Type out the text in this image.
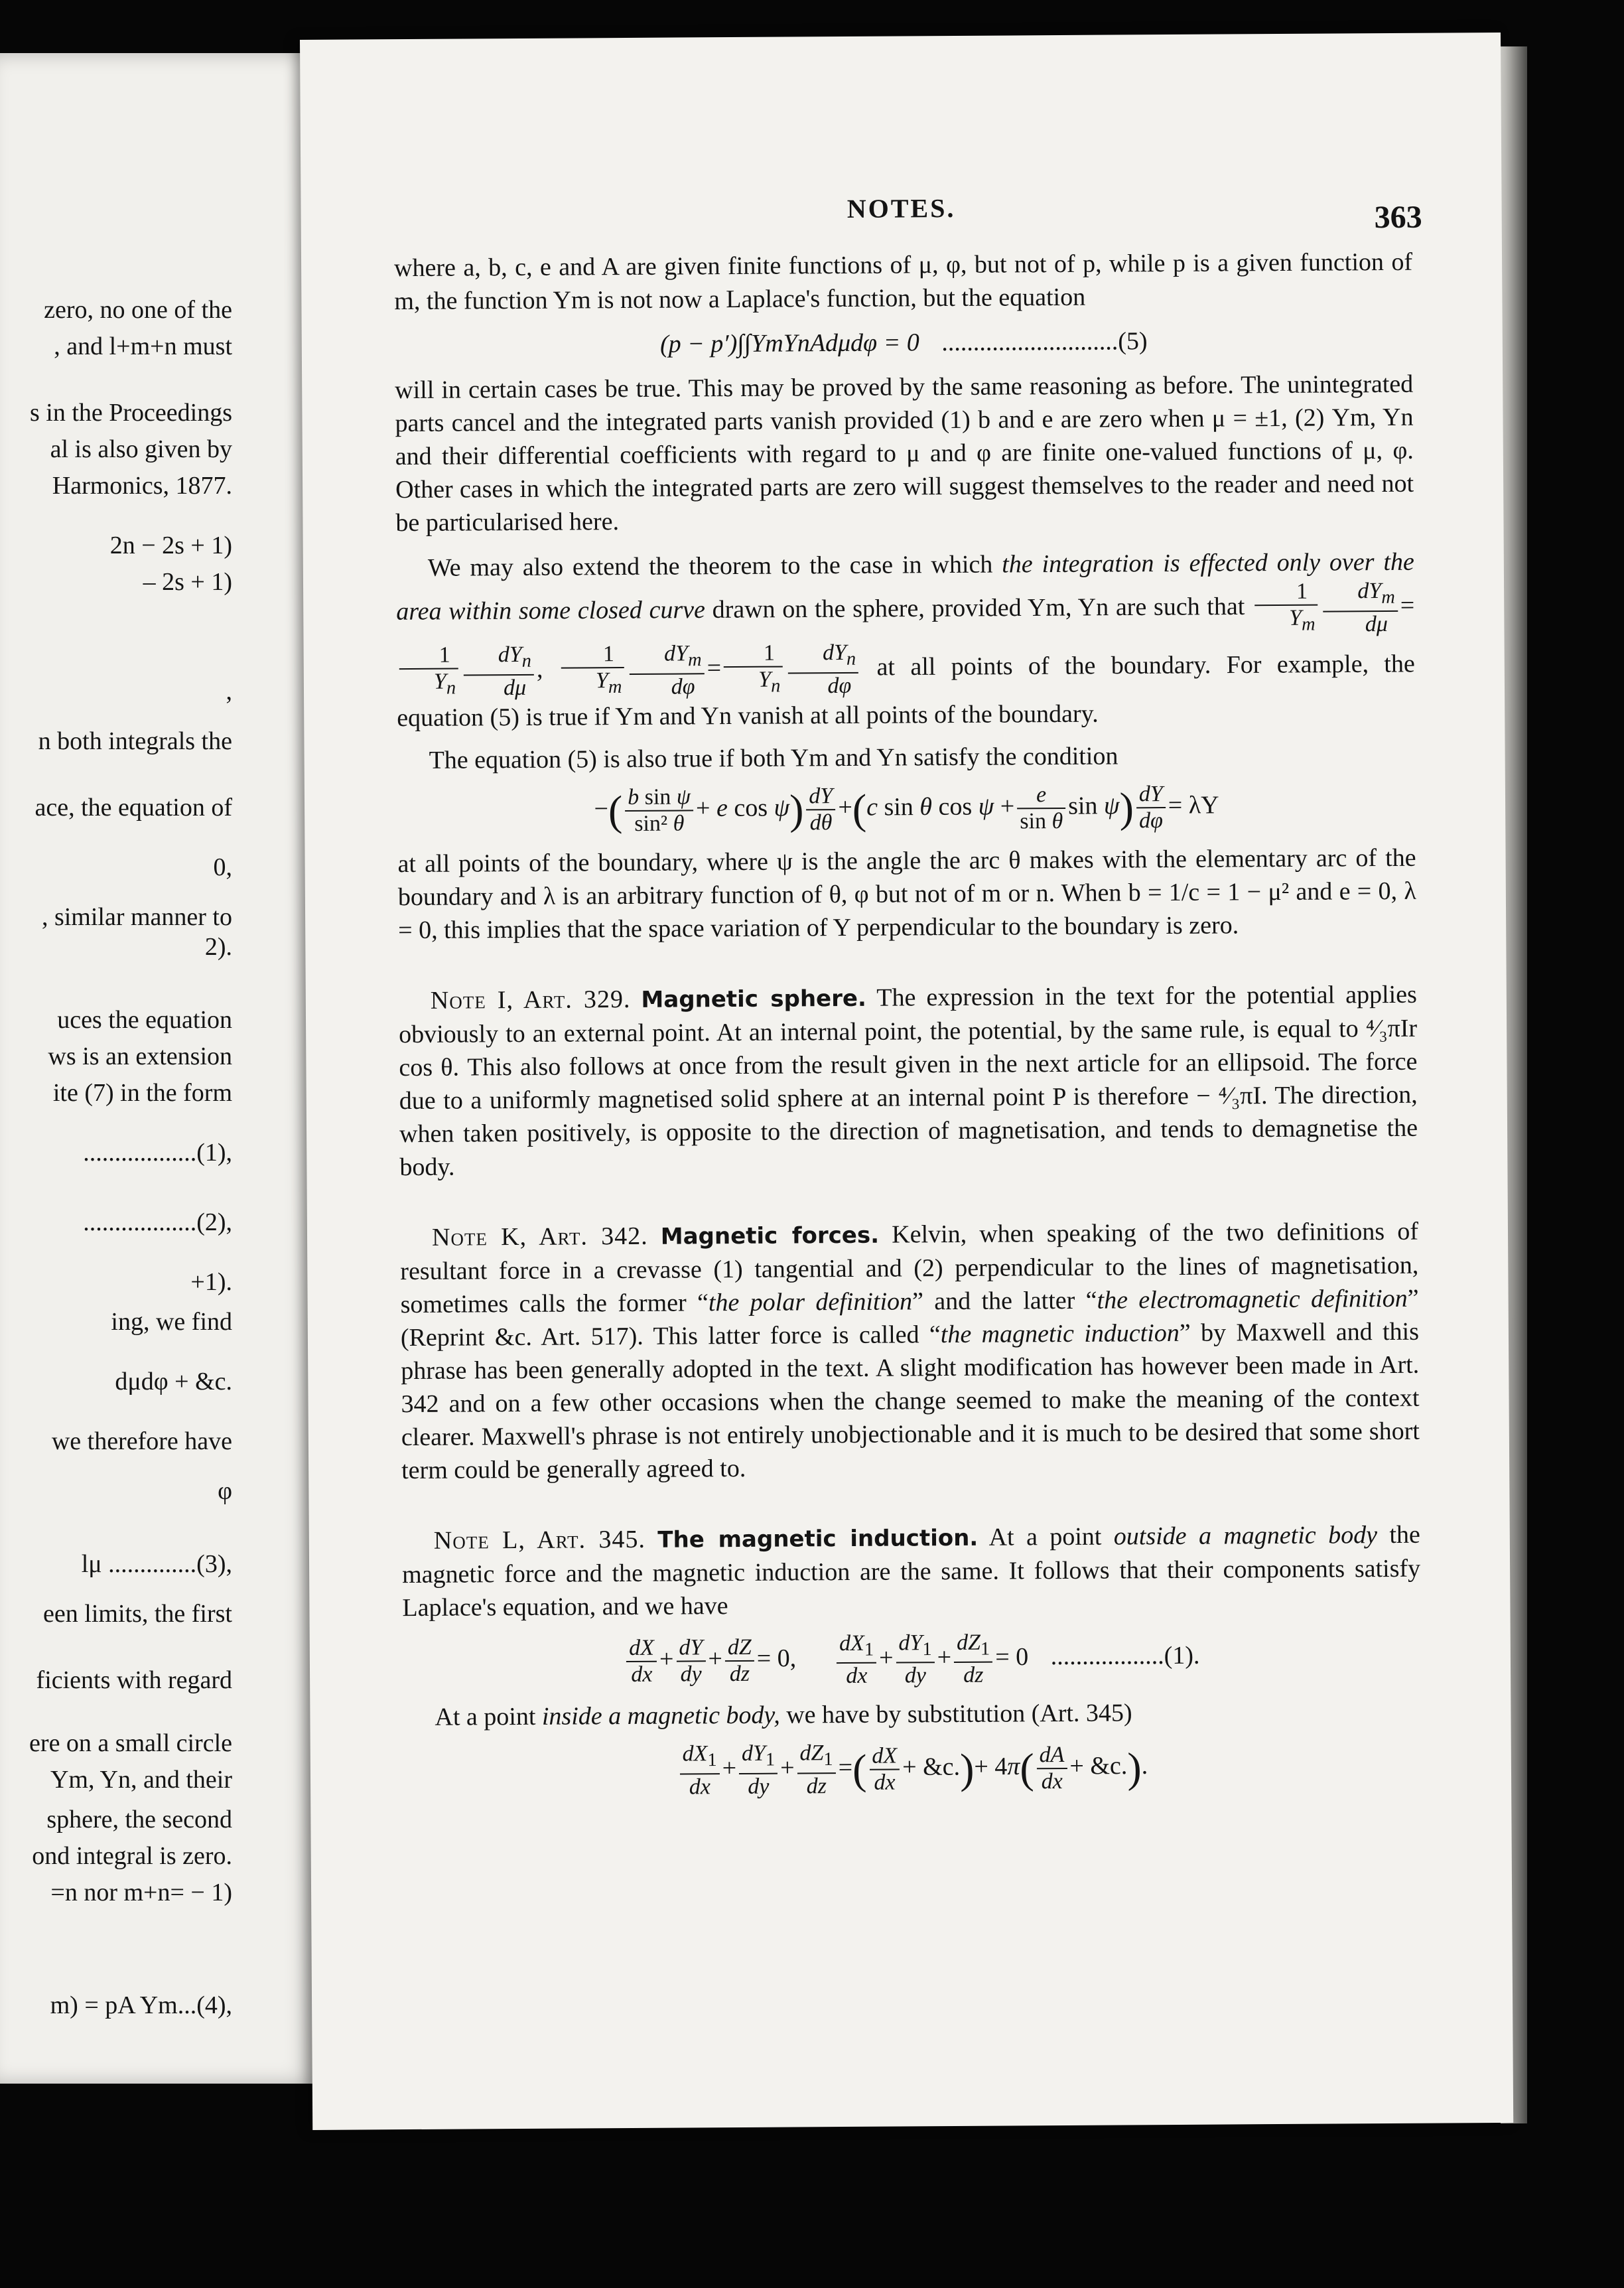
zero, no one of the
, and l+m+n must
s in the Proceedings
al is also given by
Harmonics, 1877.
2n − 2s + 1)
– 2s + 1)
,
n both integrals the
ace, the equation of
0,
, similar manner to
2).
uces the equation
ws is an extension
ite (7) in the form
..................(1),
..................(2),
+1).
ing, we find
dμdφ + &c.
we therefore have
φ
lμ ..............(3),
een limits, the first
ficients with regard
ere on a small circle
Ym, Yn, and their
sphere, the second
ond integral is zero.
=n nor m+n= − 1)
m) = pA Ym...(4),
NOTES.	363

where a, b, c, e and A are given finite functions of μ, φ, but not of p, while p is a given function of m, the function Ym is not now a Laplace's function, but the equation

(p − p′)∫∫YmYnAdμdφ = 0 ............................(5)

will in certain cases be true. This may be proved by the same reasoning as before. The unintegrated parts cancel and the integrated parts vanish provided (1) b and e are zero when μ = ±1, (2) Ym, Yn and their differential coefficients with regard to μ and φ are finite one-valued functions of μ, φ. Other cases in which the integrated parts are zero will suggest themselves to the reader and need not be particularised here.

We may also extend the theorem to the case in which the integration is effected only over the area within some closed curve drawn on the sphere, provided Ym, Yn are such that $\frac{1}{Y_m} \frac{dY_m}{d\mu}$ =
$\frac{1}{Y_n} \frac{dY_n}{d\mu}$ , $\frac{1}{Y_m} \frac{dY_m}{d\varphi} = \frac{1}{Y_n} \frac{dY_n}{d\varphi}$ at all points of the boundary. For example, the equation (5) is true if Ym and Yn vanish at all points of the boundary.

The equation (5) is also true if both Ym and Yn satisfy the condition

−( $\frac{\text{b sin ψ}}{\text{sin² θ}} + e$ $\cos \psi) \frac{dY}{d\theta} +(c$ sin θ $\cos \psi + \frac{e}{\text{sin θ}}$ $\sin \psi) \frac{dY}{d\varphi} = \lambda Y$

at all points of the boundary, where ψ is the angle the arc θ makes with the elementary arc of the boundary and λ is an arbitrary function of θ, φ but not of m or n. When b = 1/c = 1 − μ² and e = 0, λ = 0, this implies that the space variation of Y perpendicular to the boundary is zero.

Note I, Art. 329. Magnetic sphere. The expression in the text for the potential applies obviously to an external point. At an internal point, the potential, by the same rule, is equal to ⁴⁄₃πIr cos θ. This also follows at once from the result given in the next article for an ellipsoid. The force due to a uniformly magnetised solid sphere at an internal point P is therefore − ⁴⁄₃πI. The direction, when taken positively, is opposite to the direction of magnetisation, and tends to demagnetise the body.

Note K, Art. 342. Magnetic forces. Kelvin, when speaking of the two definitions of resultant force in a crevasse (1) tangential and (2) perpendicular to the lines of magnetisation, sometimes calls the former “the polar definition” and the latter “the electromagnetic definition” (Reprint &c. Art. 517). This latter force is called “the magnetic induction” by Maxwell and this phrase has been generally adopted in the text. A slight modification has however been made in Art. 342 and on a few other occasions when the change seemed to make the meaning of the context clearer. Maxwell's phrase is not entirely unobjectionable and it is much to be desired that some short term could be generally agreed to.

Note L, Art. 345. The magnetic induction. At a point outside a magnetic body the magnetic force and the magnetic induction are the same. It follows that their components satisfy Laplace's equation, and we have

$\frac{dX}{dx} + \frac{dY}{dy} + \frac{dZ}{dz} = 0$, $\frac{dX_1}{dx} + \frac{dY_1}{dy} + \frac{dZ_1}{dz} = 0$ ..................(1).

At a point inside a magnetic body, we have by substitution (Art. 345)

$\frac{dX_1}{dx} + \frac{dY_1}{dy} + \frac{dZ_1}{dz}$ =( $\frac{dX}{dx}$ + &c.)+ $4\pi( \frac{dA}{dx}$ + &c.).
